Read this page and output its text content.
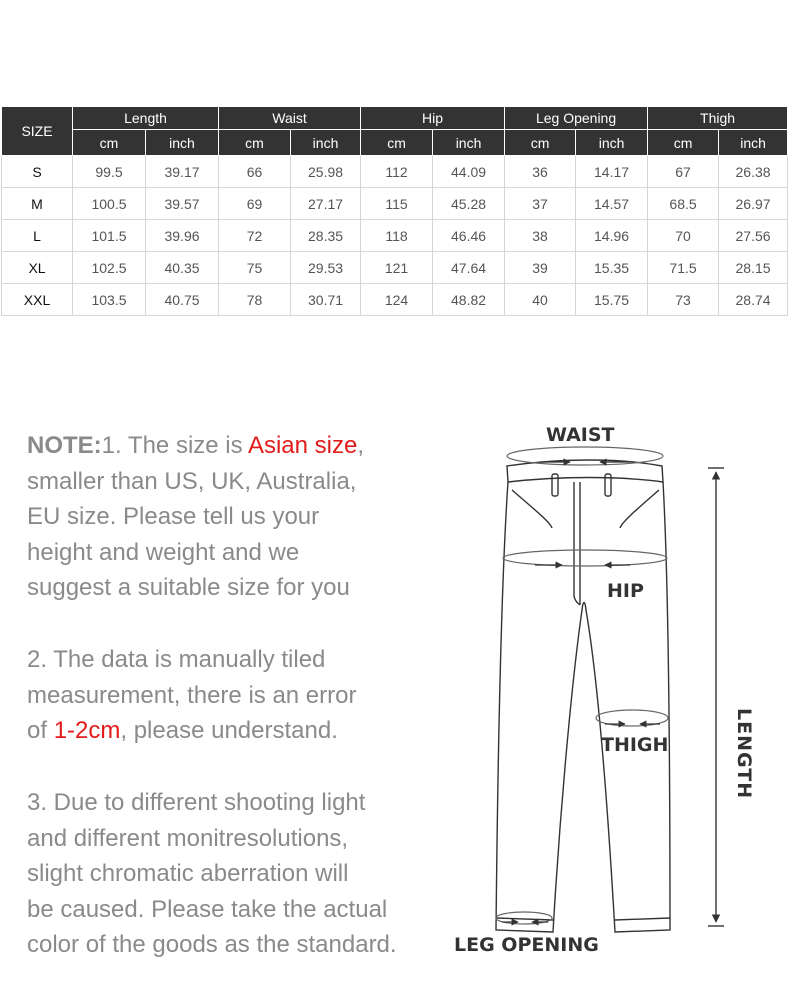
SIZE	Length		Waist		Hip		Leg Opening		Thigh	
	cm	inch	cm	inch	cm	inch	cm	inch	cm	inch
S	99.5	39.17	66	25.98	112	44.09	36	14.17	67	26.38
M	100.5	39.57	69	27.17	115	45.28	37	14.57	68.5	26.97
L	101.5	39.96	72	28.35	118	46.46	38	14.96	70	27.56
XL	102.5	40.35	75	29.53	121	47.64	39	15.35	71.5	28.15
XXL	103.5	40.75	78	30.71	124	48.82	40	15.75	73	28.74
NOTE:1. The size is Asian size,
smaller than US, UK, Australia,
EU size. Please tell us your
height and weight and we
suggest a suitable size for you
2. The data is manually tiled
measurement, there is an error
of 1-2cm, please understand.
3. Due to different shooting light
and different monitresolutions,
slight chromatic aberration will
be caused. Please take the actual
color of the goods as the standard.
WAIST
HIP
THIGH
LEG OPENING
LENGTH
